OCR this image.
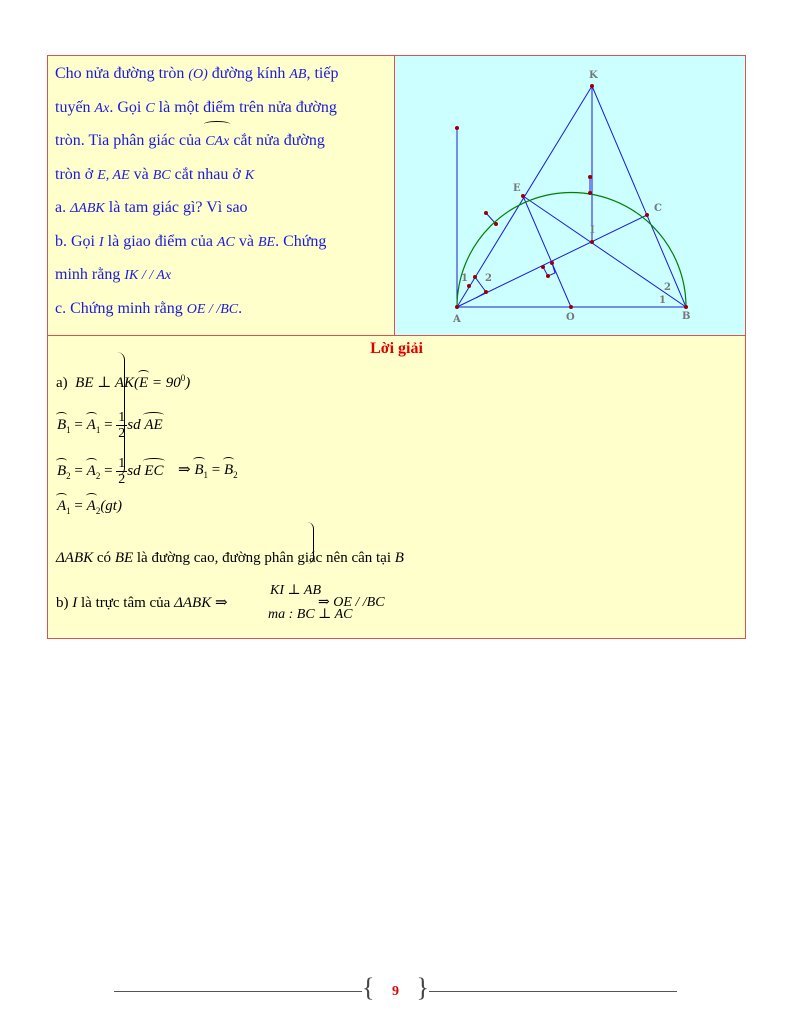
Cho nửa đường tròn (O) đường kính AB, tiếp

tuyến Ax. Gọi C là một điểm trên nửa đường

tròn. Tia phân giác của CAx cắt nửa đường

tròn ở E, AE và BC cắt nhau ở K

a. ΔABK là tam giác gì? Vì sao

b. Gọi I là giao điểm của AC và BE. Chứng

minh rằng IK / / Ax

c. Chứng minh rằng OE / /BC.

K
E
C
I
A	O	B
1 2
1
2
Lời giải
a) BE ⊥ $AK(E = 90^0)$
$B_1 = A_1 = \frac{1}{2}$ sd AE
$B_2 = A_2 = \frac{1}{2}$ sd EC
$A_1 = A_2(gt)$
⇒ $B_1 = B_2$
ΔABK có BE là đường cao, đường phân giác nên cân tại B
b) I là trực tâm của ΔABK ⇒
KI ⊥ AB
ma : BC ⊥ AC
⇒ OE / /BC
{ 9 }
